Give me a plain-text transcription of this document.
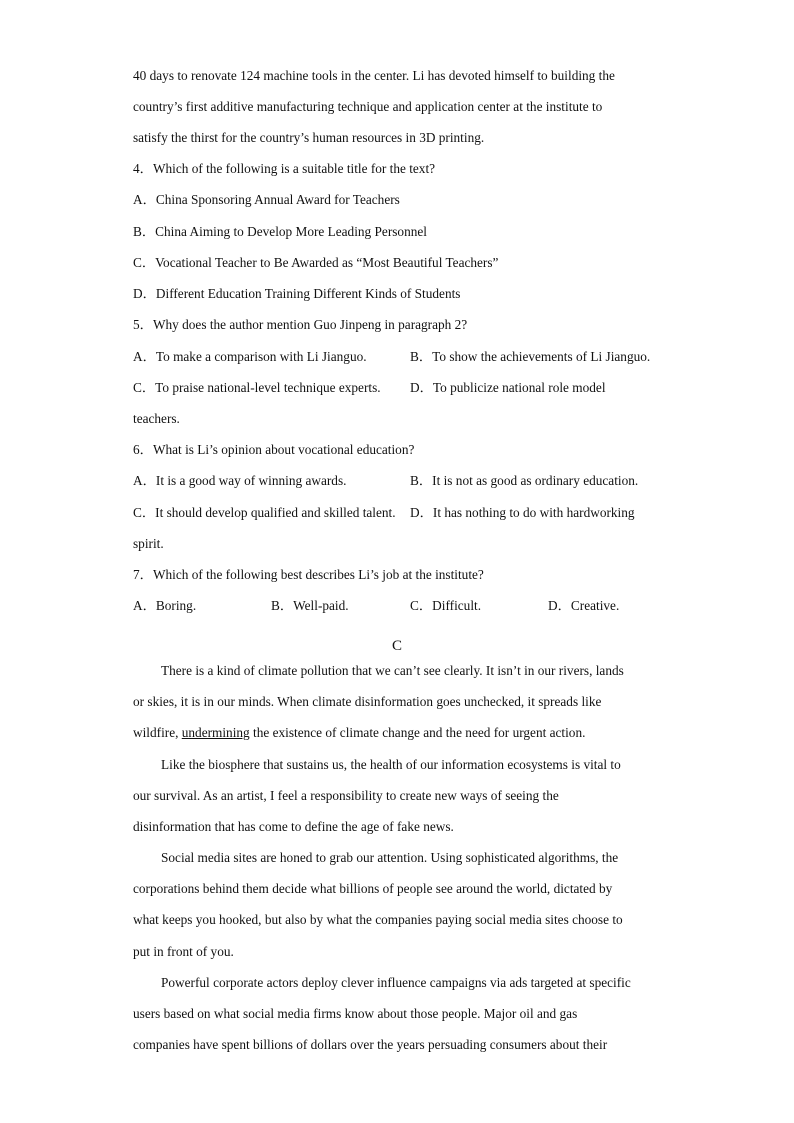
40 days to renovate 124 machine tools in the center. Li has devoted himself to building the
country’s first additive manufacturing technique and application center at the institute to
satisfy the thirst for the country’s human resources in 3D printing.
4．Which of the following is a suitable title for the text?
A．China Sponsoring Annual Award for Teachers
B．China Aiming to Develop More Leading Personnel
C．Vocational Teacher to Be Awarded as “Most Beautiful Teachers”
D．Different Education Training Different Kinds of Students
5．Why does the author mention Guo Jinpeng in paragraph 2?
A．To make a comparison with Li Jianguo.	B．To show the achievements of Li Jianguo.
C．To praise national-level technique experts. D．To publicize national role model
teachers.
6．What is Li’s opinion about vocational education?
A．It is a good way of winning awards.	B．It is not as good as ordinary education.
C．It should develop qualified and skilled talent. D．It has nothing to do with hardworking
spirit.
7．Which of the following best describes Li’s job at the institute?
A．Boring.	B．Well-paid.	C．Difficult.	D．Creative.
C
There is a kind of climate pollution that we can’t see clearly. It isn’t in our rivers, lands
or skies, it is in our minds. When climate disinformation goes unchecked, it spreads like
wildfire, undermining the existence of climate change and the need for urgent action.
Like the biosphere that sustains us, the health of our information ecosystems is vital to
our survival. As an artist, I feel a responsibility to create new ways of seeing the
disinformation that has come to define the age of fake news.
Social media sites are honed to grab our attention. Using sophisticated algorithms, the
corporations behind them decide what billions of people see around the world, dictated by
what keeps you hooked, but also by what the companies paying social media sites choose to
put in front of you.
Powerful corporate actors deploy clever influence campaigns via ads targeted at specific
users based on what social media firms know about those people. Major oil and gas
companies have spent billions of dollars over the years persuading consumers about their
